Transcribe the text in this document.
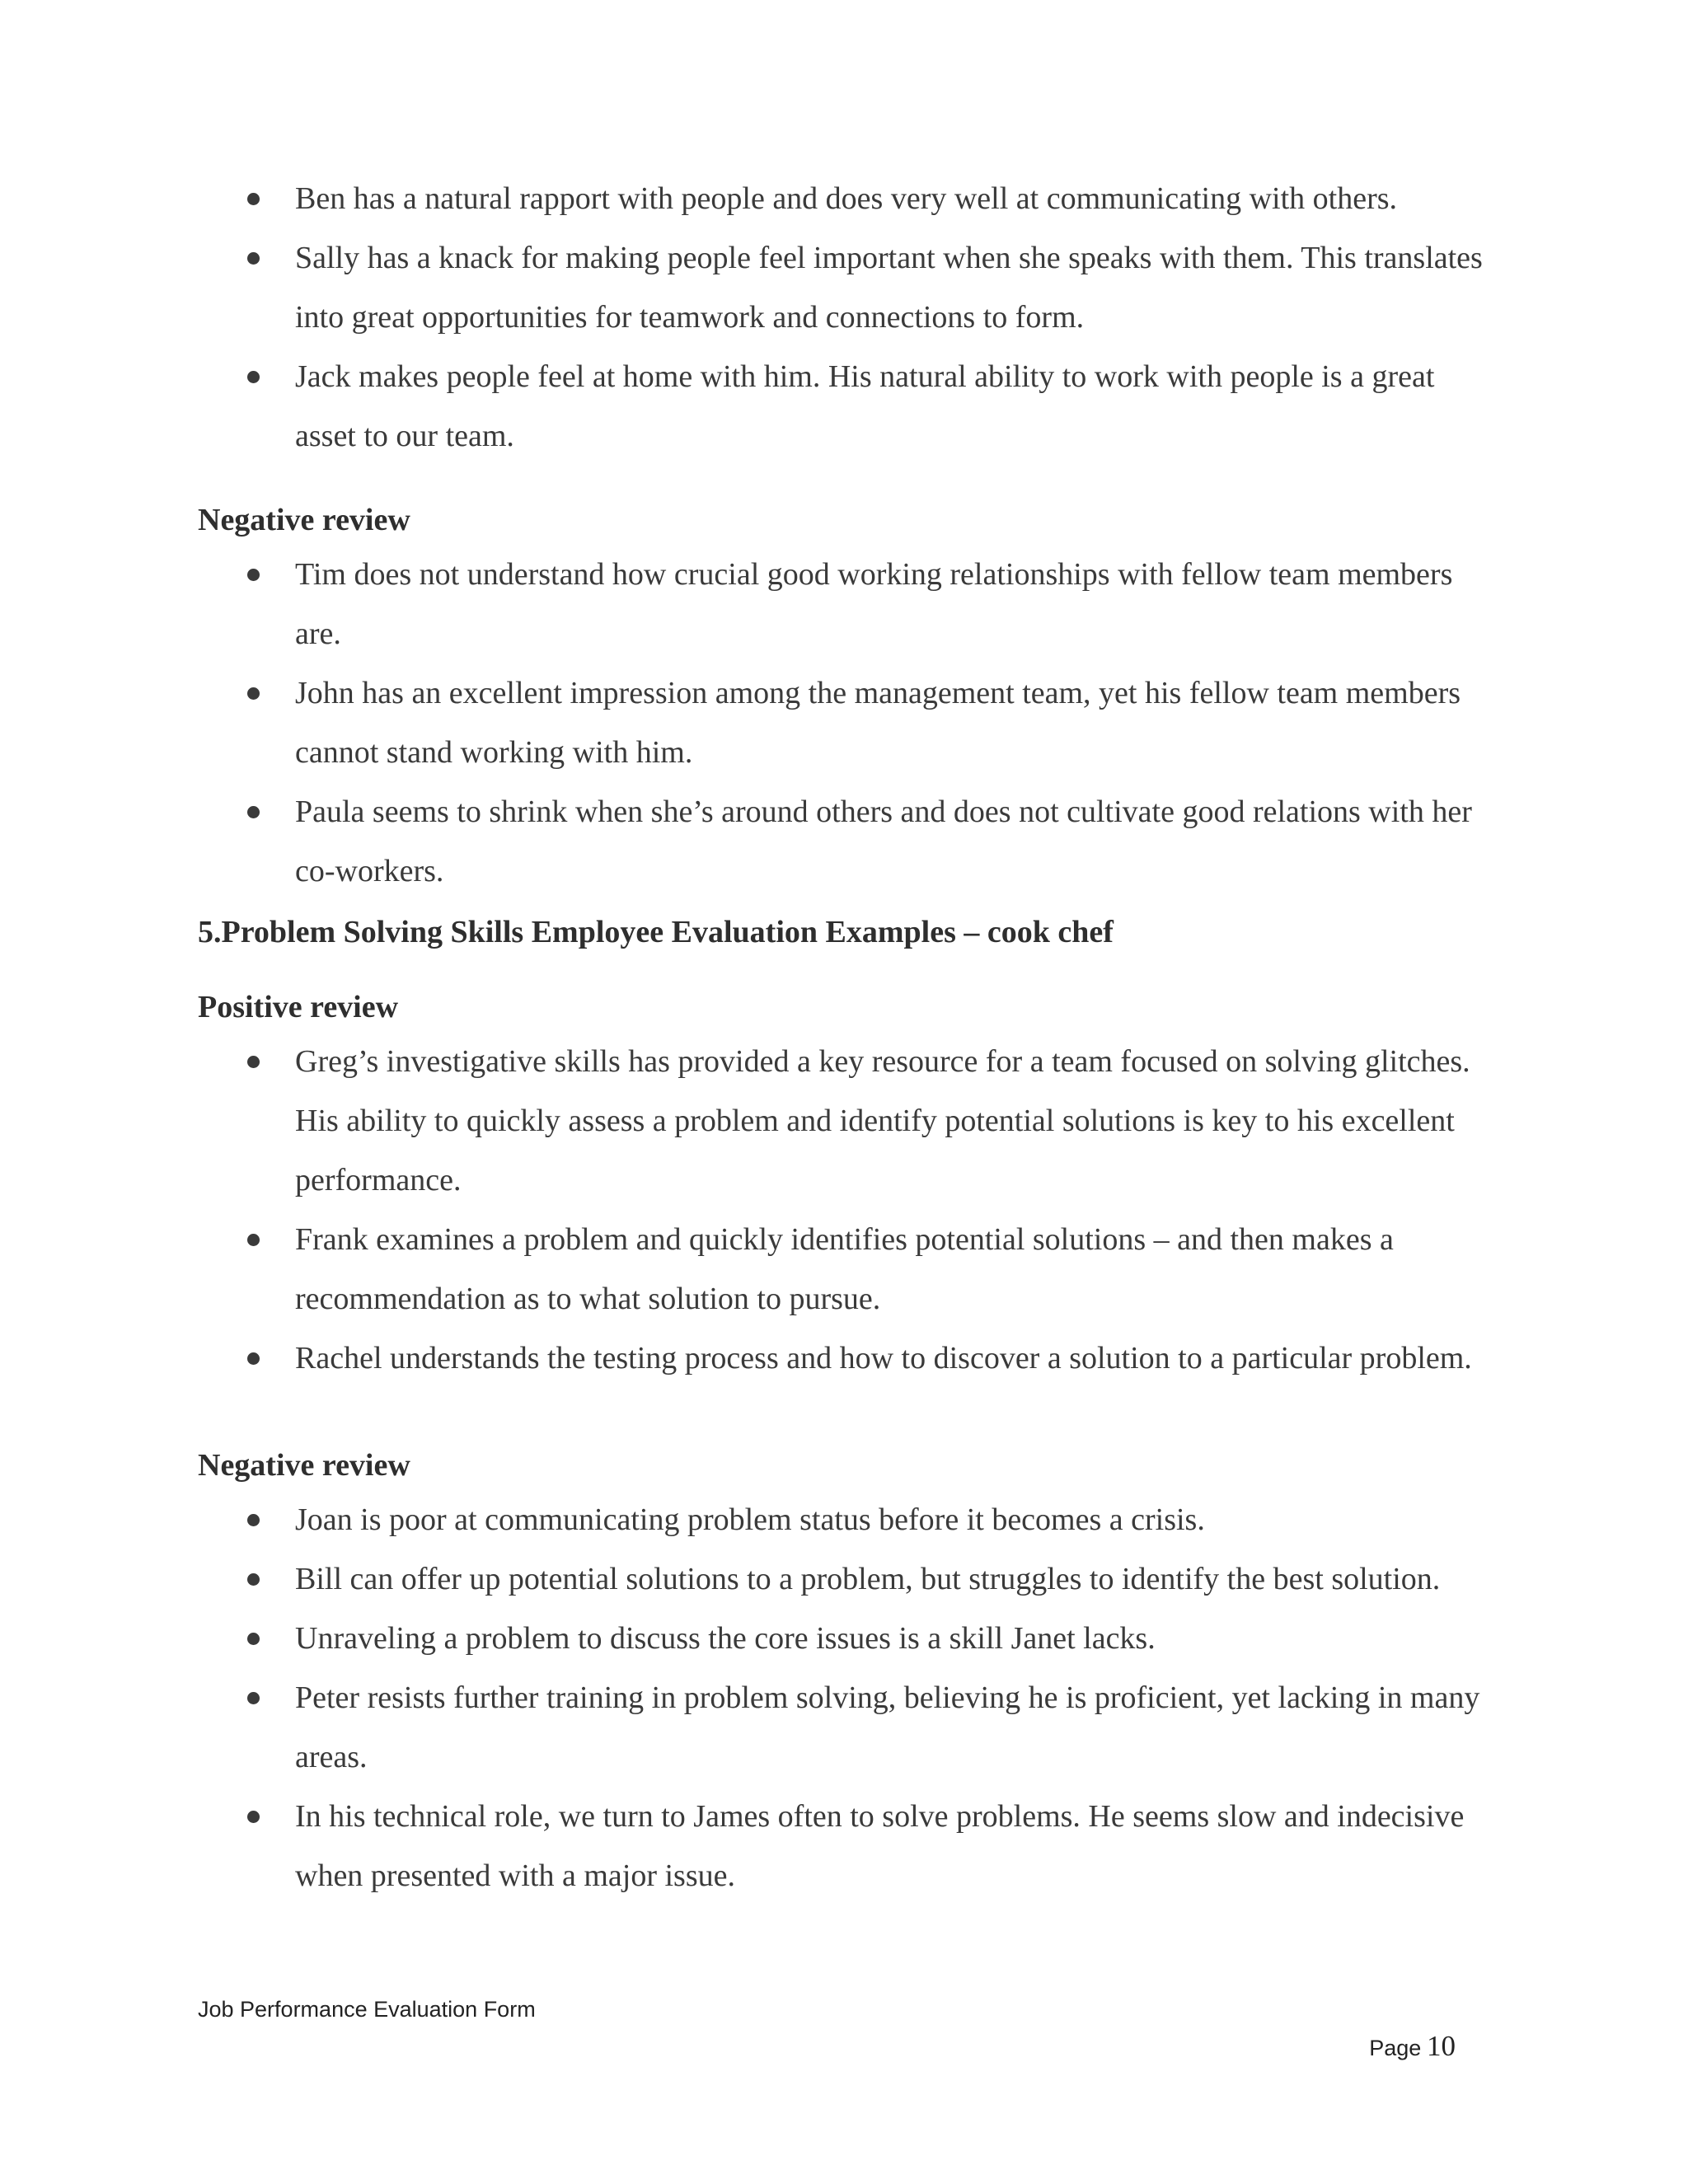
Ben has a natural rapport with people and does very well at communicating with others.
Sally has a knack for making people feel important when she speaks with them. This translates into great opportunities for teamwork and connections to form.
Jack makes people feel at home with him. His natural ability to work with people is a great asset to our team.
Negative review
Tim does not understand how crucial good working relationships with fellow team members are.
John has an excellent impression among the management team, yet his fellow team members cannot stand working with him.
Paula seems to shrink when she’s around others and does not cultivate good relations with her co-workers.
5.Problem Solving Skills Employee Evaluation Examples – cook chef
Positive review
Greg’s investigative skills has provided a key resource for a team focused on solving glitches. His ability to quickly assess a problem and identify potential solutions is key to his excellent performance.
Frank examines a problem and quickly identifies potential solutions – and then makes a recommendation as to what solution to pursue.
Rachel understands the testing process and how to discover a solution to a particular problem.
Negative review
Joan is poor at communicating problem status before it becomes a crisis.
Bill can offer up potential solutions to a problem, but struggles to identify the best solution.
Unraveling a problem to discuss the core issues is a skill Janet lacks.
Peter resists further training in problem solving, believing he is proficient, yet lacking in many areas.
In his technical role, we turn to James often to solve problems. He seems slow and indecisive when presented with a major issue.
Job Performance Evaluation Form
Page 10
